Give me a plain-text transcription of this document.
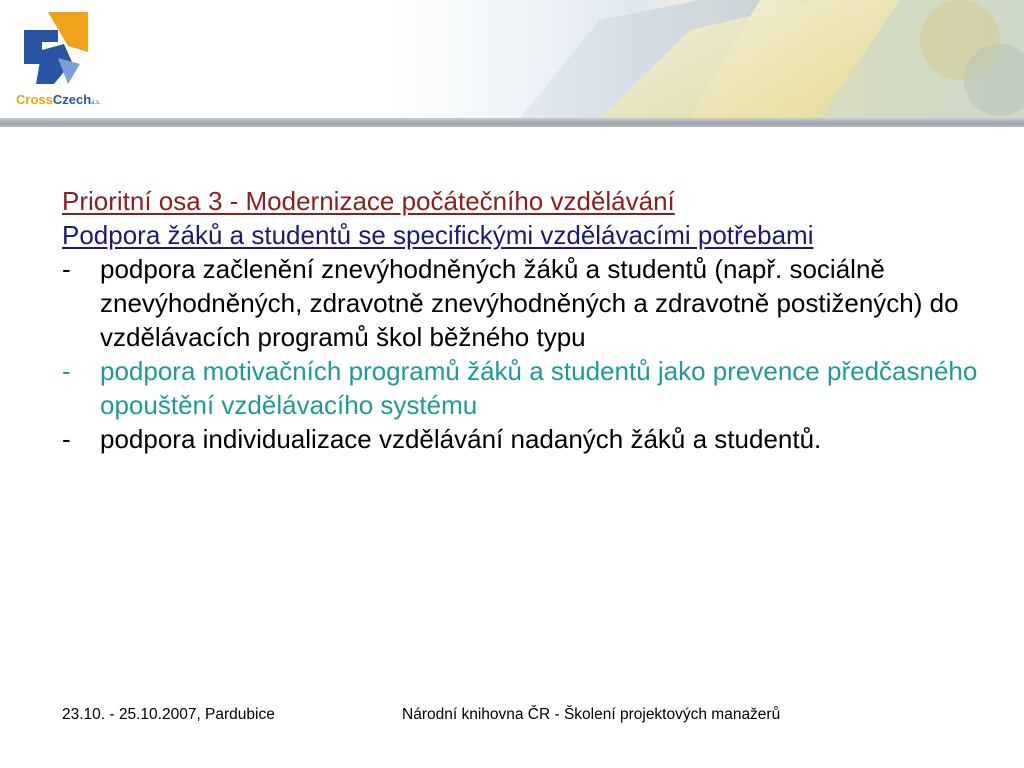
CrossCzecha.s.
Prioritní osa 3 - Modernizace počátečního vzdělávání
Podpora žáků a studentů se specifickými vzdělávacími potřebami
- podpora začlenění znevýhodněných žáků a studentů (např. sociálně znevýhodněných, zdravotně znevýhodněných a zdravotně postižených) do vzdělávacích programů škol běžného typu
- podpora motivačních programů žáků a studentů jako prevence předčasného opouštění vzdělávacího systému
- podpora individualizace vzdělávání nadaných žáků a studentů.
23.10. - 25.10.2007, Pardubice	Národní knihovna ČR - Školení projektových manažerů
